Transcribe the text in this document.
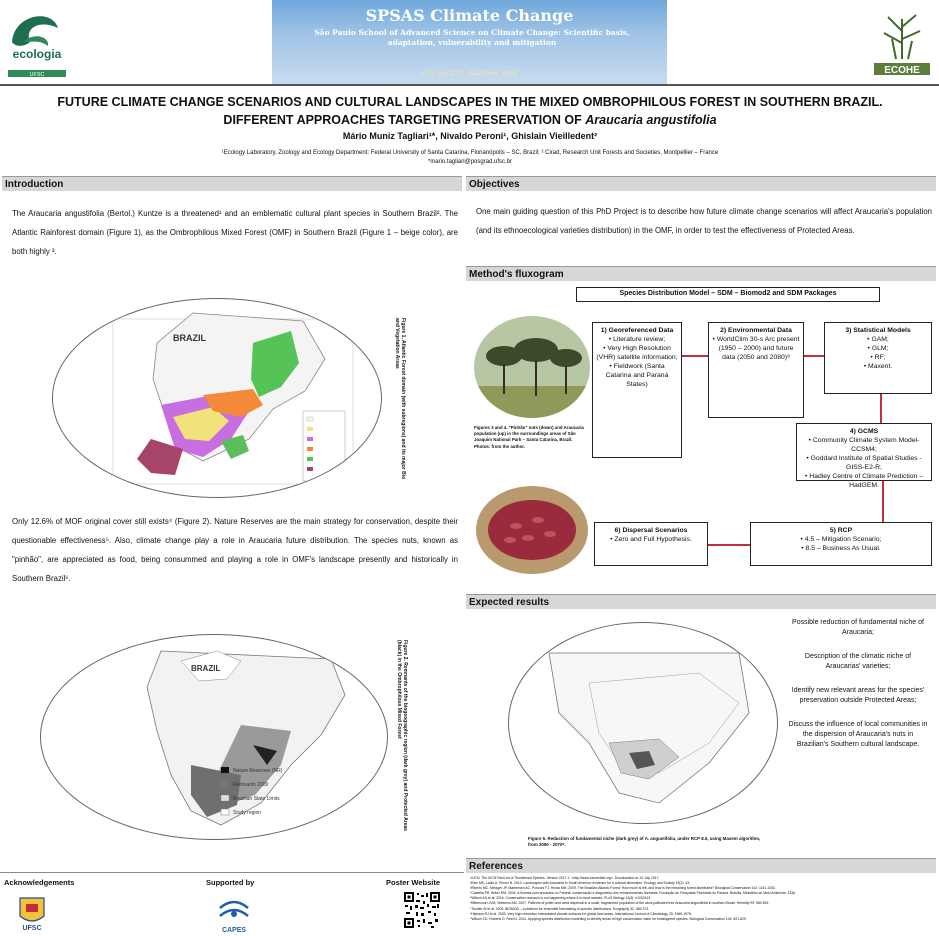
ecologia
UFSC
SPSAS Climate Change
São Paulo School of Advanced Science on Climate Change: Scientific basis, adaptation, vulnerability and mitigation
3-15 July 2017, São Paulo, Brazil	ECOHE
FUTURE CLIMATE CHANGE SCENARIOS AND CULTURAL LANDSCAPES IN THE MIXED OMBROPHILOUS FOREST IN SOUTHERN BRAZIL. DIFFERENT APPROACHES TARGETING PRESERVATION OF Araucaria angustifolia
Mário Muniz Tagliari¹*, Nivaldo Peroni¹, Ghislain Vieilledent²
¹Ecology Laboratory, Zoology and Ecology Department: Federal University of Santa Catarina, Florianópolis – SC, Brazil; ² Cirad, Research Unit Forests and Societies, Montpellier – France
*mario.tagliari@posgrad.ufsc.br
Introduction
The Araucaria angustifolia (Bertol.) Kuntze is a threatened¹ and an emblematic cultural plant species in Southern Brazil². The Atlantic Rainforest domain (Figure 1), as the Ombrophilous Mixed Forest (OMF) in Southern Brazil (Figure 1 – beige color), are both highly ³.
BRAZIL	Figure 1. Atlantic Forest domain (with subregions) and its major Bio and Vegetation Areas
Only 12.6% of MOF original cover still exists⁴ (Figure 2). Nature Reserves are the main strategy for conservation, despite their questionable effectiveness⁵. Also, climate change play a role in Araucaria future distribution. The species nuts, known as "pinhão", are appreciated as food, being consummed and playing a role in OMF's landscape presently and historically in Southern Brazil⁶.
BRAZIL
Nature Reserves (NR)
Remnants 2000
Brazilian State Limits
Study region	Figure 2. Remnants of the biogeographic region (dark grey) and Protected Areas (black) in the Ombrophilous Mixed Forest
Objectives
One main guiding question of this PhD Project is to describe how future climate change scenarios will affect Araucaria's population (and its ethnoecological varieties distribution) in the OMF, in order to test the effectiveness of Protected Areas.
Method's fluxogram
Species Distribution Model – SDM – Biomod2 and SDM Packages
Figures 3 and 4. "Pinhão" nuts (down) and Araucaria population (up) in the surroundings areas of São Joaquim National Park – Santa Catarina, Brazil. Photos: from the author.
1) Georeferenced Data
• Literature review;
• Very High Resolution (VHR) satellite information;
• Fieldwork (Santa Catarina and Paraná States)
2) Environmental Data
• WorldClim 30-s Arc present (1950 – 2000) and future data (2050 and 2080)⁸
3) Statistical Models
• GAM;
• GLM;
• RF;
• Maxent.
4) GCMS
• Community Climate System Model- CCSM4;
• Goddard Institute of Spatial Studies - GISS-E2-R;
• Hadley Centre of Climate Prediction – HadGEM.
5) RCP
• 4.5 – Mitigation Scenario;
• 8.5 – Business As Usual.
6) Dispersal Scenarios
• Zero and Full Hypothesis.
Expected results
Figure 5. Reduction of fundamental niche (dark grey) of A. angustifolia, under RCP 8.5, using Maxent algorithm, from 2050 - 2070⁹.
Possible reduction of fundamental niche of Araucaria;
Description of the climatic niche of Araucarias' varieties;
Identify new relevant areas for the species' preservation outside Protected Areas;
Discuss the influence of local communities in the dispersion of Araucaria's nuts in Brazilian's Southern cultural landscape.
References
¹IUCN. The IUCN Red List of Threatened Species. Version 2017-1. <http://www.iucnredlist.org>. Downloaded on 10 July 2017.
²Reis MS, Ladio A, Peroni N. 2014. Landscapes with Araucaria in South America: evidence for a cultural dimension. Ecology and Society 19(2): 43.
³Ribeiro MC, Metzger JP, Martensen AC, Ponzoni FJ, Hirota MM. 2009. The Brazilian Atlantic Forest: How much is left, and how is the remaining forest distributed? Biological Conservation 142: 1141-1153.
⁴Castella PR, Britez RM. 2004. A floresta com araucária no Paraná: conservação e diagnóstico dos remanescentes florestais. Fundação de Pesquisas Florestais do Paraná. Brasília, Ministério do Meio Ambiente, 233p.
⁵Wilson KA et al. 2016. Conservation research is not happening where it is most needed. PLoS Biology 14(3): e1002413.
⁶Bittencourt JVM, Sebbenn AM. 2007. Patterns of pollen and seed dispersal in a small, fragmented population of the wind-pollinated tree Araucaria angustifolia in southern Brazil. Heredity 99: 580-591.
⁷Thuiller W et al. 2009. BIOMOD – a platform for ensemble forecasting of species distributions. Ecography 32: 369-373.
⁸Hijmans RJ et al. 2005. Very high resolution interpolated climate surfaces for global land areas. International Journal of Climatology 25: 1965-1978.
⁹Wilson CD, Roberts D, Reid N. 2011. Applying species distribution modelling to identify areas of high conservation value for endangered species. Biological Conservation 144: 821-829.
Acknowledgements	Supported by	Poster Website
UFSC	CAPES
